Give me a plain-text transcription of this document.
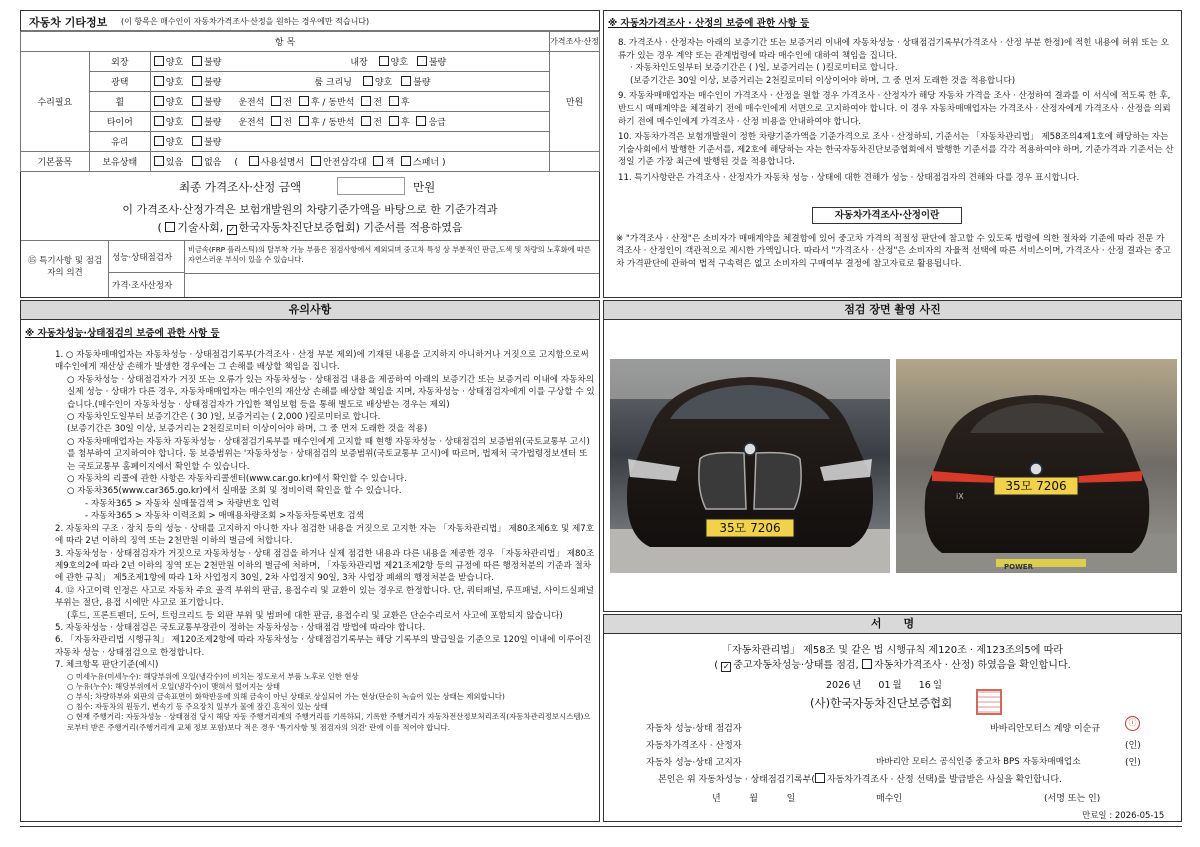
자동차 기타정보 (이 항목은 매수인이 자동차가격조사·산정을 원하는 경우에만 적습니다)
항 목			가격조사·산정
수리필요	외장	양호 불량 내장 양호 불량	만원
	광택	양호 불량 룸 크리닝 양호 불량	
	휠	양호 불량 운전석 전 후 / 동반석 전 후	
	타이어	양호 불량 운전석 전 후 / 동반석 전 후 응급	
	유리	양호 불량	
기본품목	보유상태	있음 없음 ( 사용설명서 안전삼각대 잭 스패너 )	
최종 가격조사·산정 금액	만원
이 가격조사·산정가격은 보험개발원의 차량기준가액을 바탕으로 한 기준가격과
( 기술사회, ✓ 한국자동차진단보증협회) 기준서를 적용하였음
⑮ 특기사항 및 점검자의 의견
성능·상태점검자
비금속(FRP 플라스틱)의 탈부착 가능 부품은 점검사항에서 제외되며 중고차 특성 상 부분적인 판금,도색 및 차량의 노후화에 따른 자연스러운 부식이 있을 수 있습니다.
가격·조사산정자
※ 자동차가격조사 · 산정의 보증에 관한 사항 등
8. 가격조사 · 산정자는 아래의 보증기간 또는 보증거리 이내에 자동차성능 · 상태점검기록부(가격조사 · 산정 부분 한정)에 적힌 내용에 허위 또는 오류가 있는 경우 계약 또는 관계법령에 따라 매수인에 대하여 책임을 집니다.
· 자동차인도일부터 보증기간은 ( )일, 보증거리는 ( )킬로미터로 합니다.
(보증기간은 30일 이상, 보증거리는 2천킬로미터 이상이어야 하며, 그 중 먼저 도래한 것을 적용합니다)
9. 자동차매매업자는 매수인이 가격조사 · 산정을 원할 경우 가격조사 · 산정자가 해당 자동차 가격을 조사 · 산정하여 결과를 이 서식에 적도록 한 후, 반드시 매매계약을 체결하기 전에 매수인에게 서면으로 고지하여야 합니다. 이 경우 자동차매매업자는 가격조사 · 산정자에게 가격조사 · 산정을 의뢰하기 전에 매수인에게 가격조사 · 산정 비용을 안내하여야 합니다.
10. 자동차가격은 보험개발원이 정한 차량기준가액을 기준가격으로 조사 · 산정하되, 기준서는 「자동차관리법」 제58조의4제1호에 해당하는 자는 기술사회에서 발행한 기준서를, 제2호에 해당하는 자는 한국자동차진단보증협회에서 발행한 기준서를 각각 적용하여야 하며, 기준가격과 기준서는 산정일 기준 가장 최근에 발행된 것을 적용합니다.
11. 특기사항란은 가격조사 · 산정자가 자동차 성능 · 상태에 대한 견해가 성능 · 상태점검자의 견해와 다를 경우 표시합니다.
자동차가격조사·산정이란
※ "가격조사 · 산정"은 소비자가 매매계약을 체결함에 있어 중고차 가격의 적절성 판단에 참고할 수 있도록 법령에 의한 절차와 기준에 따라 전문 가격조사 · 산정인이 객관적으로 제시한 가액입니다. 따라서 "가격조사 · 산정"은 소비자의 자율적 선택에 따른 서비스이며, 가격조사 · 산정 결과는 중고차 가격판단에 관하여 법적 구속력은 없고 소비자의 구매여부 결정에 참고자료로 활용됩니다.
유의사항
※ 자동차성능·상태점검의 보증에 관한 사항 등
1. ○ 자동차매매업자는 자동차성능 · 상태점검기록부(가격조사 · 산정 부분 제외)에 기재된 내용을 고지하지 아니하거나 거짓으로 고지함으로써 매수인에게 재산상 손해가 발생한 경우에는 그 손해를 배상할 책임을 집니다.
○ 자동차성능 · 상태점검자가 거짓 또는 오류가 있는 자동차성능 · 상태점검 내용을 제공하여 아래의 보증기간 또는 보증거리 이내에 자동차의 실제 성능 · 상태가 다른 경우, 자동차매매업자는 매수인의 재산상 손해를 배상할 책임을 지며, 자동차성능 · 상태점검자에게 이를 구상할 수 있습니다.(매수인이 자동차성능 · 상태점검자가 가입한 책임보험 등을 통해 별도로 배상받는 경우는 제외)
○ 자동차인도일부터 보증기간은 ( 30 )일, 보증거리는 ( 2,000 )킬로미터로 합니다.
(보증기간은 30일 이상, 보증거리는 2천킬로미터 이상이어야 하며, 그 중 먼저 도래한 것을 적용)
○ 자동차매매업자는 자동차 자동차성능 · 상태점검기록부를 매수인에게 고지할 때 현행 자동차성능 · 상태점검의 보증범위(국토교통부 고시)를 첨부하여 고지하여야 합니다. 동 보증범위는 '자동차성능 · 상태점검의 보증범위(국토교통부 고시)에 따르며, 법제처 국가법령정보센터 또는 국토교통부 홈페이지에서 확인할 수 있습니다.
○ 자동차의 리콜에 관한 사항은 자동차리콜센터(www.car.go.kr)에서 확인할 수 있습니다.
○ 자동차365(www.car365.go.kr)에서 실매물 조회 및 정비이력 확인을 할 수 있습니다.
- 자동차365 > 자동차 실매물검색 > 차량번호 입력
- 자동차365 > 자동차 이력조회 > 매매용차량조회 >자동차등록번호 검색
2. 자동차의 구조 · 장치 등의 성능 · 상태를 고지하지 아니한 자나 점검한 내용을 거짓으로 고지한 자는 「자동차관리법」 제80조제6호 및 제7호에 따라 2년 이하의 징역 또는 2천만원 이하의 벌금에 처합니다.
3. 자동차성능 · 상태점검자가 거짓으로 자동차성능 · 상태 점검을 하거나 실제 점검한 내용과 다른 내용을 제공한 경우 「자동차관리법」 제80조제9호의2에 따라 2년 이하의 징역 또는 2천만원 이하의 벌금에 처하며, 「자동차관리법 제21조제2항 등의 규정에 따른 행정처분의 기준과 절차에 관한 규칙」 제5조제1항에 따라 1차 사업정지 30일, 2차 사업정지 90일, 3차 사업장 폐쇄의 행정처분을 받습니다.
4. ⑫ 사고이력 인정은 사고로 자동차 주요 골격 부위의 판금, 용접수리 및 교환이 있는 경우로 한정합니다. 단, 쿼터패널, 루프패널, 사이드실패널 부위는 절단, 용접 시에만 사고로 표기합니다.
(후드, 프론트펜더, 도어, 트렁크리드 등 외판 부위 및 범퍼에 대한 판금, 용접수리 및 교환은 단순수리로서 사고에 포함되지 않습니다)
5. 자동차성능 · 상태점검은 국토교통부장관이 정하는 자동차성능 · 상태점검 방법에 따라야 합니다.
6. 「자동차관리법 시행규칙」 제120조제2항에 따라 자동차성능 · 상태점검기록부는 해당 기록부의 발급일을 기준으로 120일 이내에 이루어진 자동차 성능 · 상태점검으로 한정합니다.
7. 체크항목 판단기준(예시)
○ 미세누유(미세누수): 해당부위에 오일(냉각수)이 비치는 정도로서 부품 노후로 인한 현상
○ 누유(누수): 해당부위에서 오일(냉각수)이 맺혀서 떨어지는 상태
○ 부식: 차량하부와 외판의 금속표면이 화학반응에 의해 금속이 아닌 상태로 상실되어 가는 현상(단순히 녹슬어 있는 상태는 제외합니다)
○ 침수: 자동차의 원동기, 변속기 등 주요장치 일부가 물에 잠긴 흔적이 있는 상태
○ 현재 주행거리: 자동차성능 · 상태점검 당시 해당 자동 주행거리계의 주행거리를 기록하되, 기록한 주행거리가 자동차전산정보처리조직(자동차관리정보시스템)으로부터 받은 주행거리(주행거리계 교체 정보 포함)보다 적은 경우 '특기사항 및 점검자의 의견' 란에 이를 적어야 합니다.
점검 장면 촬영 사진
35모 7206
POWER
iX
35모 7206
서　　명
「자동차관리법」 제58조 및 같은 법 시행규칙 제120조 · 제123조의5에 따라
( ✓ 중고자동차성능·상태를 점검, 자동차가격조사 · 산정) 하였음을 확인합니다.
2026 년 01 월 16 일
(사)한국자동차진단보증협회
자동차 성능·상태 점검자	바바리안모터스 계양 이순규
ⓘ
자동차가격조사 · 산정자	(인)
자동차 성능·상태 고지자	바바리안 모터스 공식인증 중고차 BPS 자동차매매업소	(인)
본인은 위 자동차성능 · 상태점검기록부( 자동차가격조사 · 산정 선택)를 발급받은 사실을 확인합니다.
년          월          일	매수인	(서명 또는 인)
만료일 : 2026-05-15
